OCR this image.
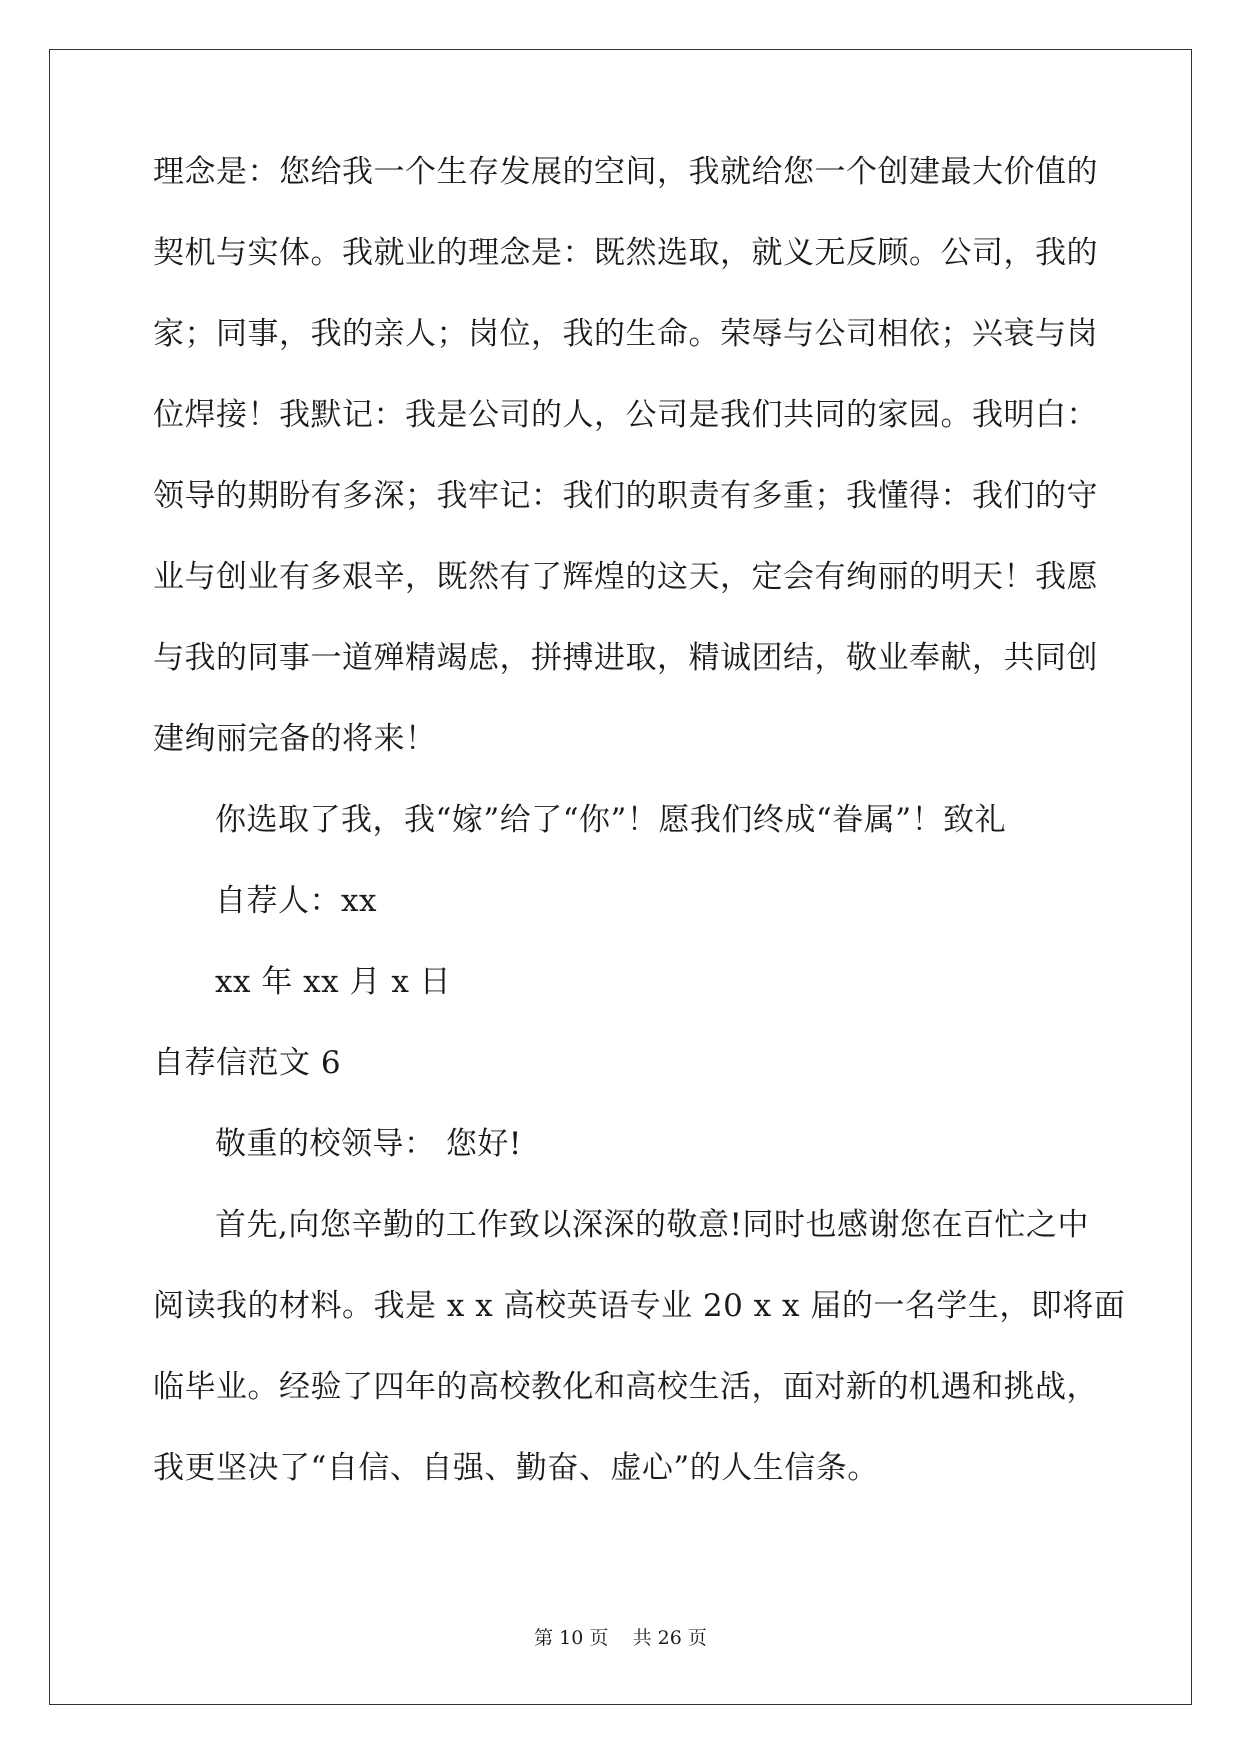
理念是：您给我一个生存发展的空间，我就给您一个创建最大价值的
契机与实体。我就业的理念是：既然选取，就义无反顾。公司，我的
家；同事，我的亲人；岗位，我的生命。荣辱与公司相依；兴衰与岗
位焊接！我默记：我是公司的人，公司是我们共同的家园。我明白：
领导的期盼有多深；我牢记：我们的职责有多重；我懂得：我们的守
业与创业有多艰辛，既然有了辉煌的这天，定会有绚丽的明天！我愿
与我的同事一道殚精竭虑，拼搏进取，精诚团结，敬业奉献，共同创
建绚丽完备的将来！
你选取了我，我“嫁”给了“你”！愿我们终成“眷属”！致礼
自荐人：xx
xx 年 xx 月 x 日
自荐信范文 6
敬重的校领导： 您好!
首先,向您辛勤的工作致以深深的敬意!同时也感谢您在百忙之中
阅读我的材料。我是 x x 高校英语专业 20 x x 届的一名学生，即将面
临毕业。经验了四年的高校教化和高校生活，面对新的机遇和挑战，
我更坚决了“自信、自强、勤奋、虚心”的人生信条。
第 10 页 共 26 页
